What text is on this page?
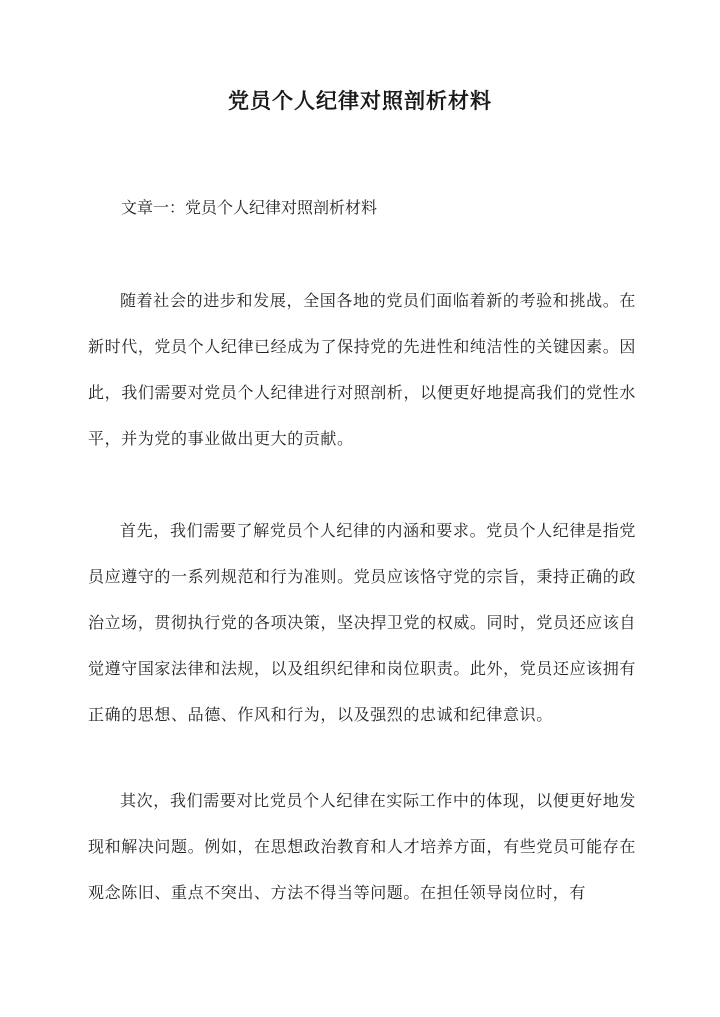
党员个人纪律对照剖析材料
文章一：党员个人纪律对照剖析材料
随着社会的进步和发展，全国各地的党员们面临着新的考验和挑战。在新时代，党员个人纪律已经成为了保持党的先进性和纯洁性的关键因素。因此，我们需要对党员个人纪律进行对照剖析，以便更好地提高我们的党性水平，并为党的事业做出更大的贡献。
首先，我们需要了解党员个人纪律的内涵和要求。党员个人纪律是指党员应遵守的一系列规范和行为准则。党员应该恪守党的宗旨，秉持正确的政治立场，贯彻执行党的各项决策，坚决捍卫党的权威。同时，党员还应该自觉遵守国家法律和法规，以及组织纪律和岗位职责。此外，党员还应该拥有正确的思想、品德、作风和行为，以及强烈的忠诚和纪律意识。
其次，我们需要对比党员个人纪律在实际工作中的体现，以便更好地发现和解决问题。例如，在思想政治教育和人才培养方面，有些党员可能存在观念陈旧、重点不突出、方法不得当等问题。在担任领导岗位时，有
